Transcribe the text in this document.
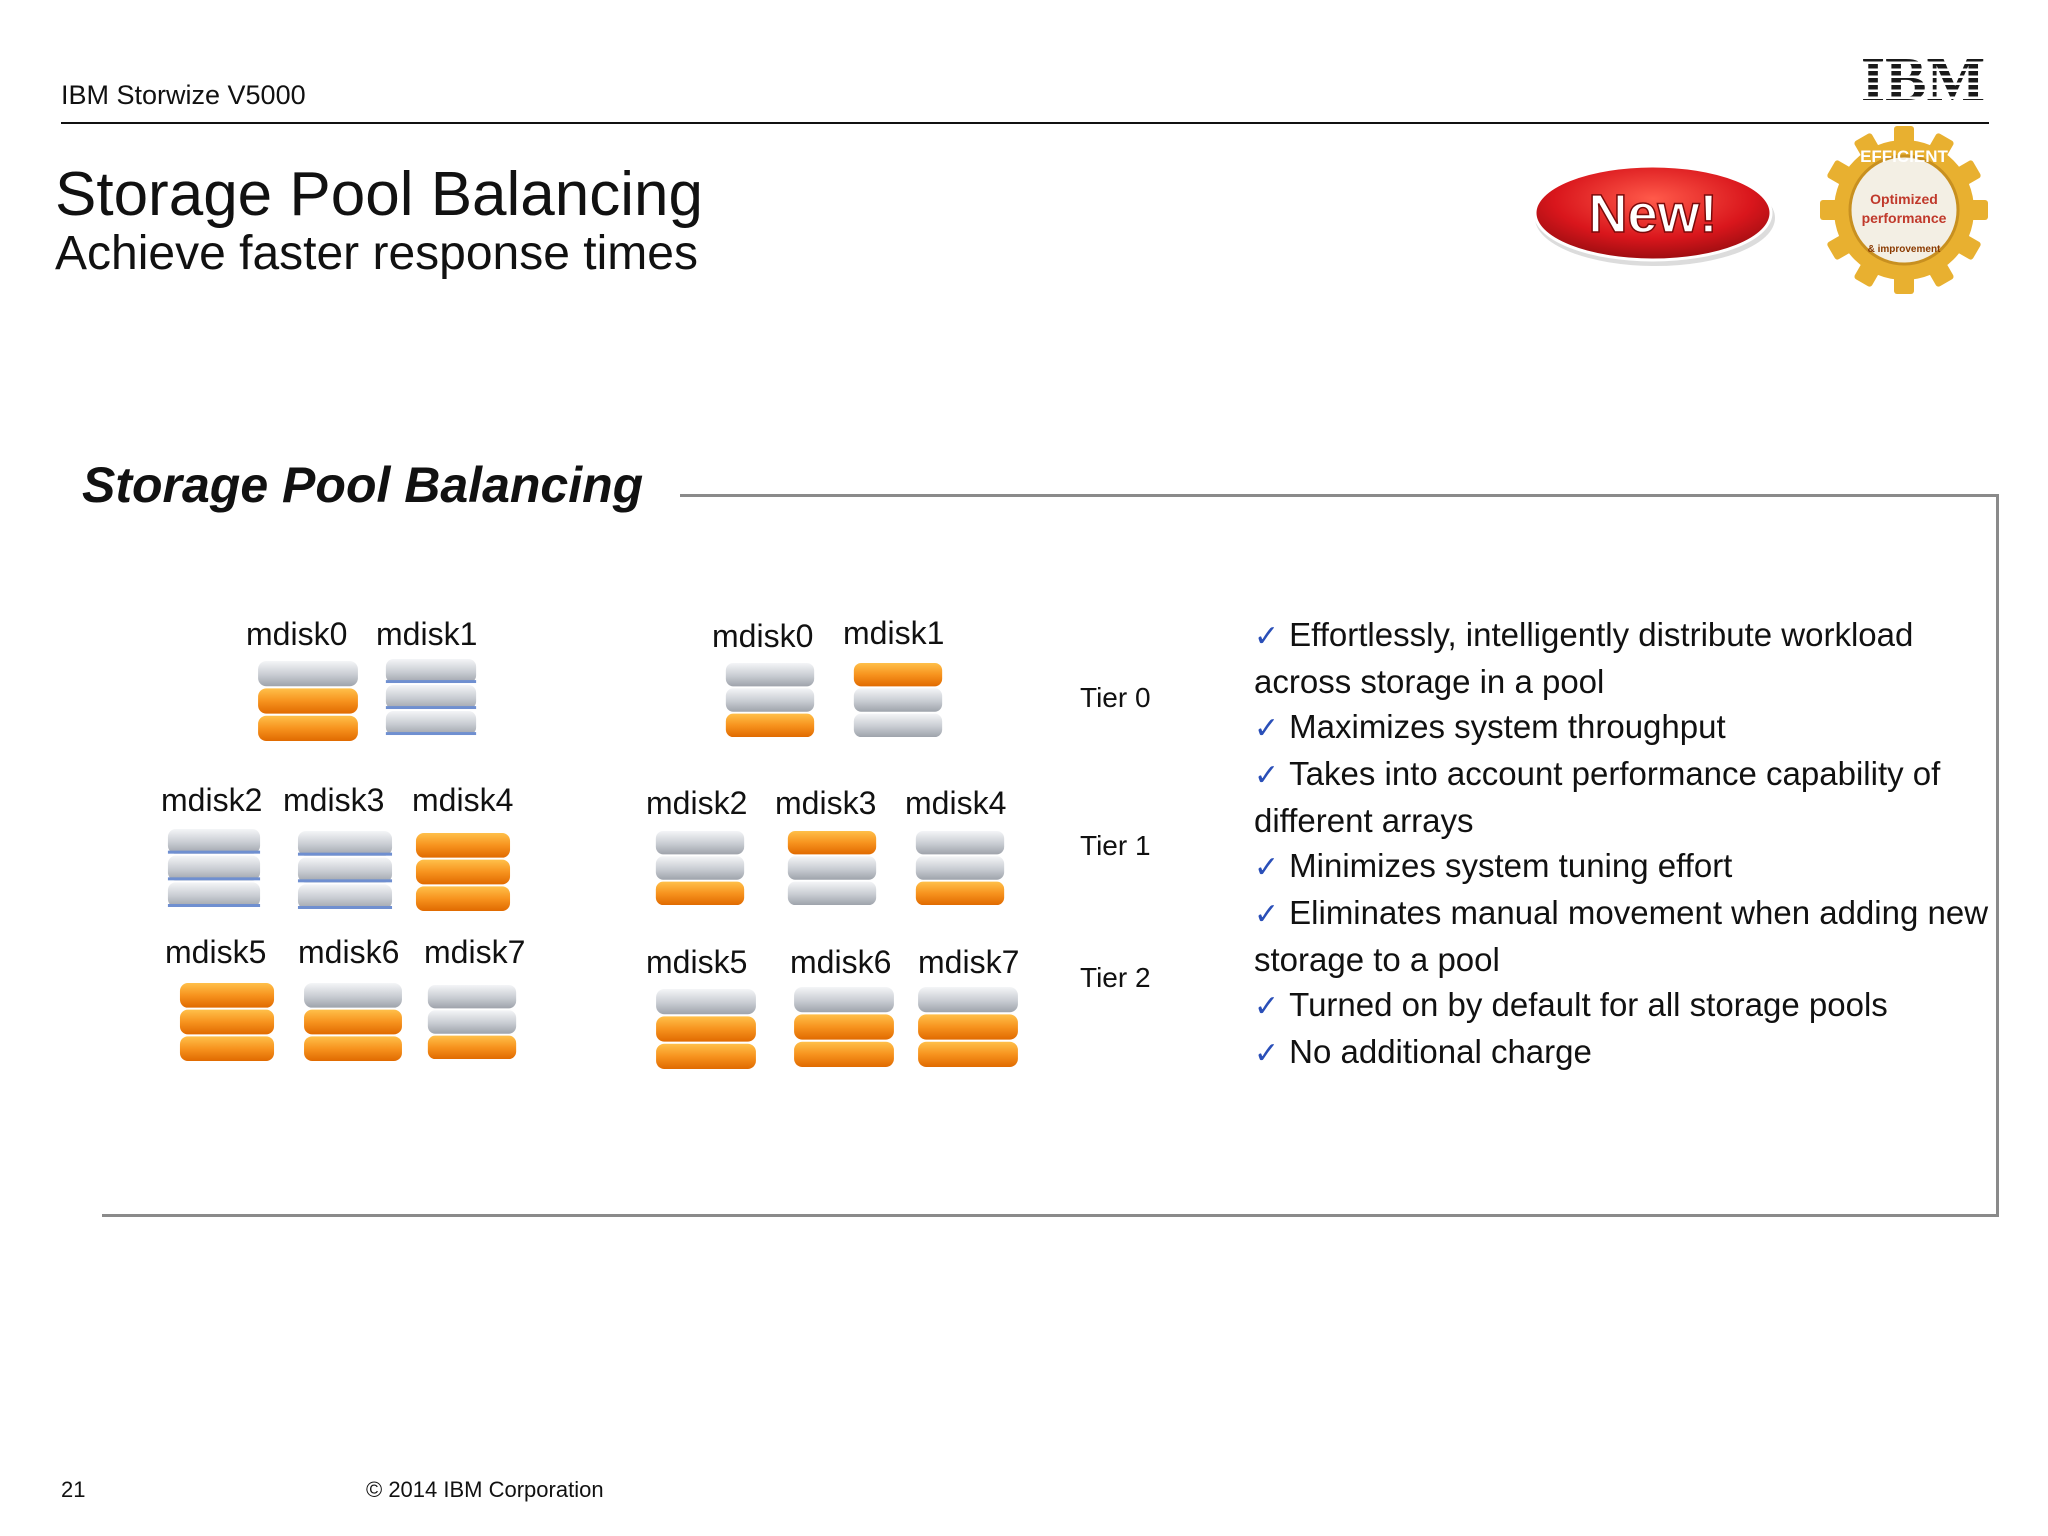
IBM Storwize V5000	IBM
Storage Pool Balancing
Achieve faster response times
New!
EFFICIENT
Optimized
performance
& improvement
Storage Pool Balancing
mdisk0 mdisk1
mdisk2 mdisk3 mdisk4
mdisk5 mdisk6 mdisk7
mdisk0 mdisk1
mdisk2 mdisk3 mdisk4
mdisk5 mdisk6 mdisk7
Tier 0
Tier 1
Tier 2
✓ Effortlessly, intelligently distribute workload across storage in a pool
✓ Maximizes system throughput
✓ Takes into account performance capability of different arrays
✓ Minimizes system tuning effort
✓ Eliminates manual movement when adding new storage to a pool
✓ Turned on by default for all storage pools
✓ No additional charge
21	© 2014 IBM Corporation
